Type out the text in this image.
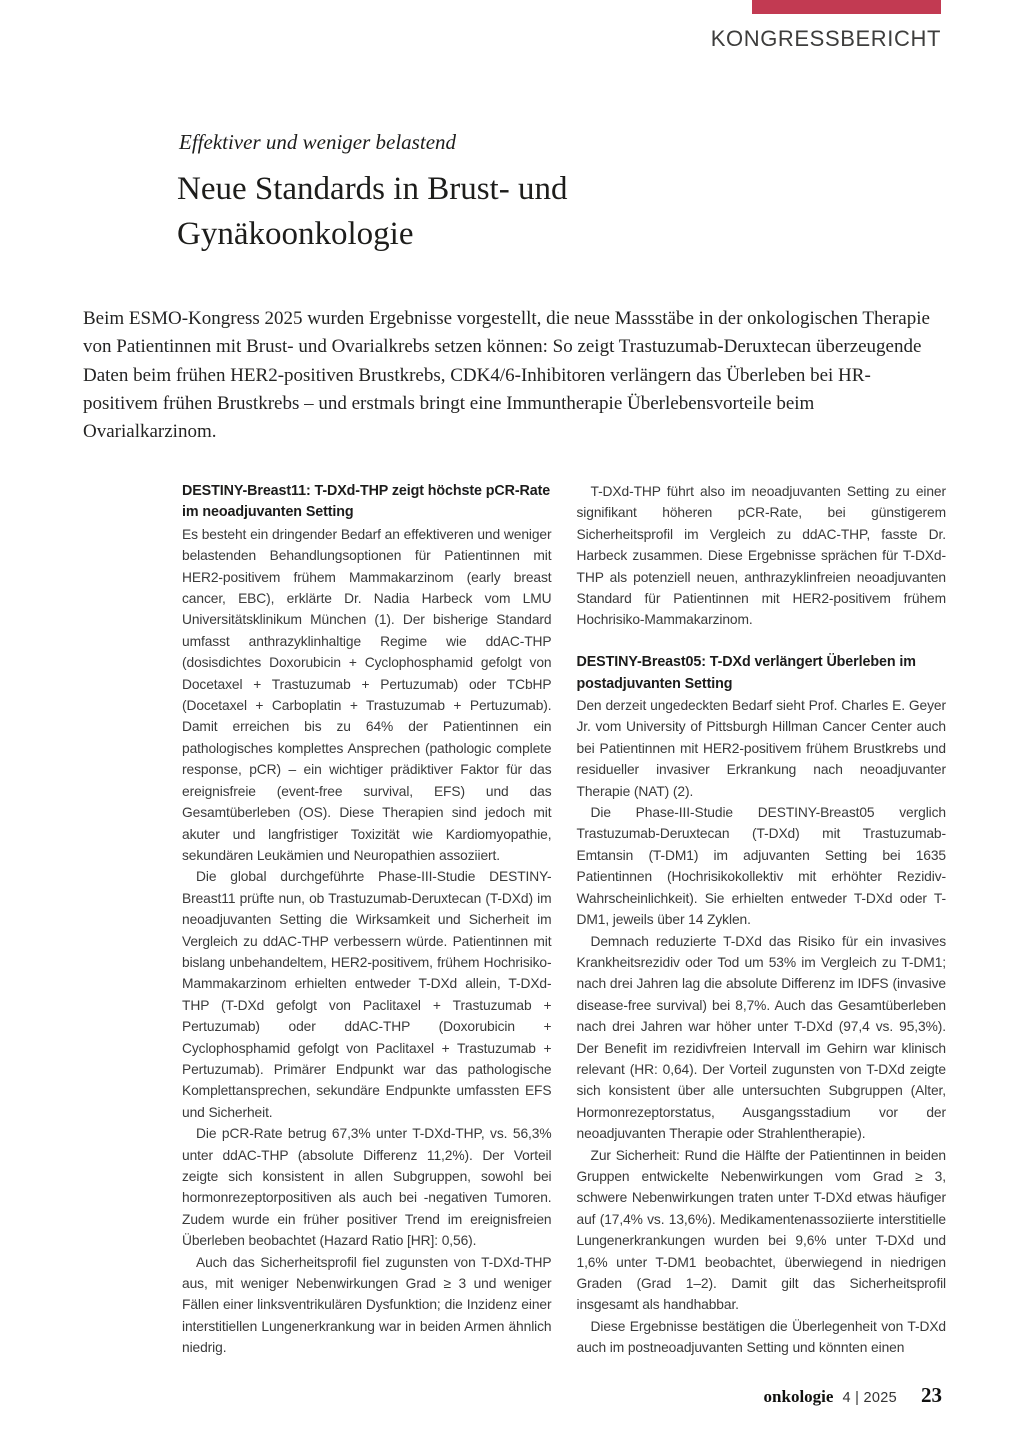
KONGRESSBERICHT
Effektiver und weniger belastend
Neue Standards in Brust- und
Gynäkoonkologie
Beim ESMO-Kongress 2025 wurden Ergebnisse vorgestellt, die neue Massstäbe in der onkologischen Therapie von Patientinnen mit Brust- und Ovarialkrebs setzen können: So zeigt Trastuzumab-Deruxtecan überzeugende Daten beim frühen HER2-positiven Brustkrebs, CDK4/6-Inhibitoren verlängern das Überleben bei HR-positivem frühen Brustkrebs – und erstmals bringt eine Immuntherapie Überlebensvorteile beim Ovarialkarzinom.
DESTINY-Breast11: T-DXd-THP zeigt höchste pCR-Rate im neoadjuvanten Setting

Es besteht ein dringender Bedarf an effektiveren und weniger belastenden Behandlungsoptionen für Patientinnen mit HER2-positivem frühem Mammakarzinom (early breast cancer, EBC), erklärte Dr. Nadia Harbeck vom LMU Universitätsklinikum München (1). Der bisherige Standard umfasst anthrazyklinhaltige Regime wie ddAC-THP (dosisdichtes Doxorubicin + Cyclophosphamid gefolgt von Docetaxel + Trastuzumab + Pertuzumab) oder TCbHP (Docetaxel + Carboplatin + Trastuzumab + Pertuzumab). Damit erreichen bis zu 64% der Patientinnen ein pathologisches komplettes Ansprechen (pathologic complete response, pCR) – ein wichtiger prädiktiver Faktor für das ereignisfreie (event-free survival, EFS) und das Gesamtüberleben (OS). Diese Therapien sind jedoch mit akuter und langfristiger Toxizität wie Kardiomyopathie, sekundären Leukämien und Neuropathien assoziiert.

Die global durchgeführte Phase-III-Studie DESTINY-Breast11 prüfte nun, ob Trastuzumab-Deruxtecan (T-DXd) im neoadjuvanten Setting die Wirksamkeit und Sicherheit im Vergleich zu ddAC-THP verbessern würde. Patientinnen mit bislang unbehandeltem, HER2-positivem, frühem Hochrisiko-Mammakarzinom erhielten entweder T-DXd allein, T-DXd-THP (T-DXd gefolgt von Paclitaxel + Trastuzumab + Pertuzumab) oder ddAC-THP (Doxorubicin + Cyclophosphamid gefolgt von Paclitaxel + Trastuzumab + Pertuzumab). Primärer Endpunkt war das pathologische Komplettansprechen, sekundäre Endpunkte umfassten EFS und Sicherheit.

Die pCR-Rate betrug 67,3% unter T-DXd-THP, vs. 56,3% unter ddAC-THP (absolute Differenz 11,2%). Der Vorteil zeigte sich konsistent in allen Subgruppen, sowohl bei hormonrezeptorpositiven als auch bei -negativen Tumoren. Zudem wurde ein früher positiver Trend im ereignisfreien Überleben beobachtet (Hazard Ratio [HR]: 0,56).

Auch das Sicherheitsprofil fiel zugunsten von T-DXd-THP aus, mit weniger Nebenwirkungen Grad ≥ 3 und weniger Fällen einer linksventrikulären Dysfunktion; die Inzidenz einer interstitiellen Lungenerkrankung war in beiden Armen ähnlich niedrig.

T-DXd-THP führt also im neoadjuvanten Setting zu einer signifikant höheren pCR-Rate, bei günstigerem Sicherheitsprofil im Vergleich zu ddAC-THP, fasste Dr. Harbeck zusammen. Diese Ergebnisse sprächen für T-DXd-THP als potenziell neuen, anthrazyklinfreien neoadjuvanten Standard für Patientinnen mit HER2-positivem frühem Hochrisiko-Mammakarzinom.

DESTINY-Breast05: T-DXd verlängert Überleben im postadjuvanten Setting

Den derzeit ungedeckten Bedarf sieht Prof. Charles E. Geyer Jr. vom University of Pittsburgh Hillman Cancer Center auch bei Patientinnen mit HER2-positivem frühem Brustkrebs und residueller invasiver Erkrankung nach neoadjuvanter Therapie (NAT) (2).

Die Phase-III-Studie DESTINY-Breast05 verglich Trastuzumab-Deruxtecan (T-DXd) mit Trastuzumab-Emtansin (T-DM1) im adjuvanten Setting bei 1635 Patientinnen (Hochrisikokollektiv mit erhöhter Rezidiv-Wahrscheinlichkeit). Sie erhielten entweder T-DXd oder T-DM1, jeweils über 14 Zyklen.

Demnach reduzierte T-DXd das Risiko für ein invasives Krankheitsrezidiv oder Tod um 53% im Vergleich zu T-DM1; nach drei Jahren lag die absolute Differenz im IDFS (invasive disease-free survival) bei 8,7%. Auch das Gesamtüberleben nach drei Jahren war höher unter T-DXd (97,4 vs. 95,3%). Der Benefit im rezidivfreien Intervall im Gehirn war klinisch relevant (HR: 0,64). Der Vorteil zugunsten von T-DXd zeigte sich konsistent über alle untersuchten Subgruppen (Alter, Hormonrezeptorstatus, Ausgangsstadium vor der neoadjuvanten Therapie oder Strahlentherapie).

Zur Sicherheit: Rund die Hälfte der Patientinnen in beiden Gruppen entwickelte Nebenwirkungen vom Grad ≥ 3, schwere Nebenwirkungen traten unter T-DXd etwas häufiger auf (17,4% vs. 13,6%). Medikamentenassoziierte interstitielle Lungenerkrankungen wurden bei 9,6% unter T-DXd und 1,6% unter T-DM1 beobachtet, überwiegend in niedrigen Graden (Grad 1–2). Damit gilt das Sicherheitsprofil insgesamt als handhabbar.

Diese Ergebnisse bestätigen die Überlegenheit von T-DXd auch im postneoadjuvanten Setting und könnten einen

onkologie 4 | 2025 23
